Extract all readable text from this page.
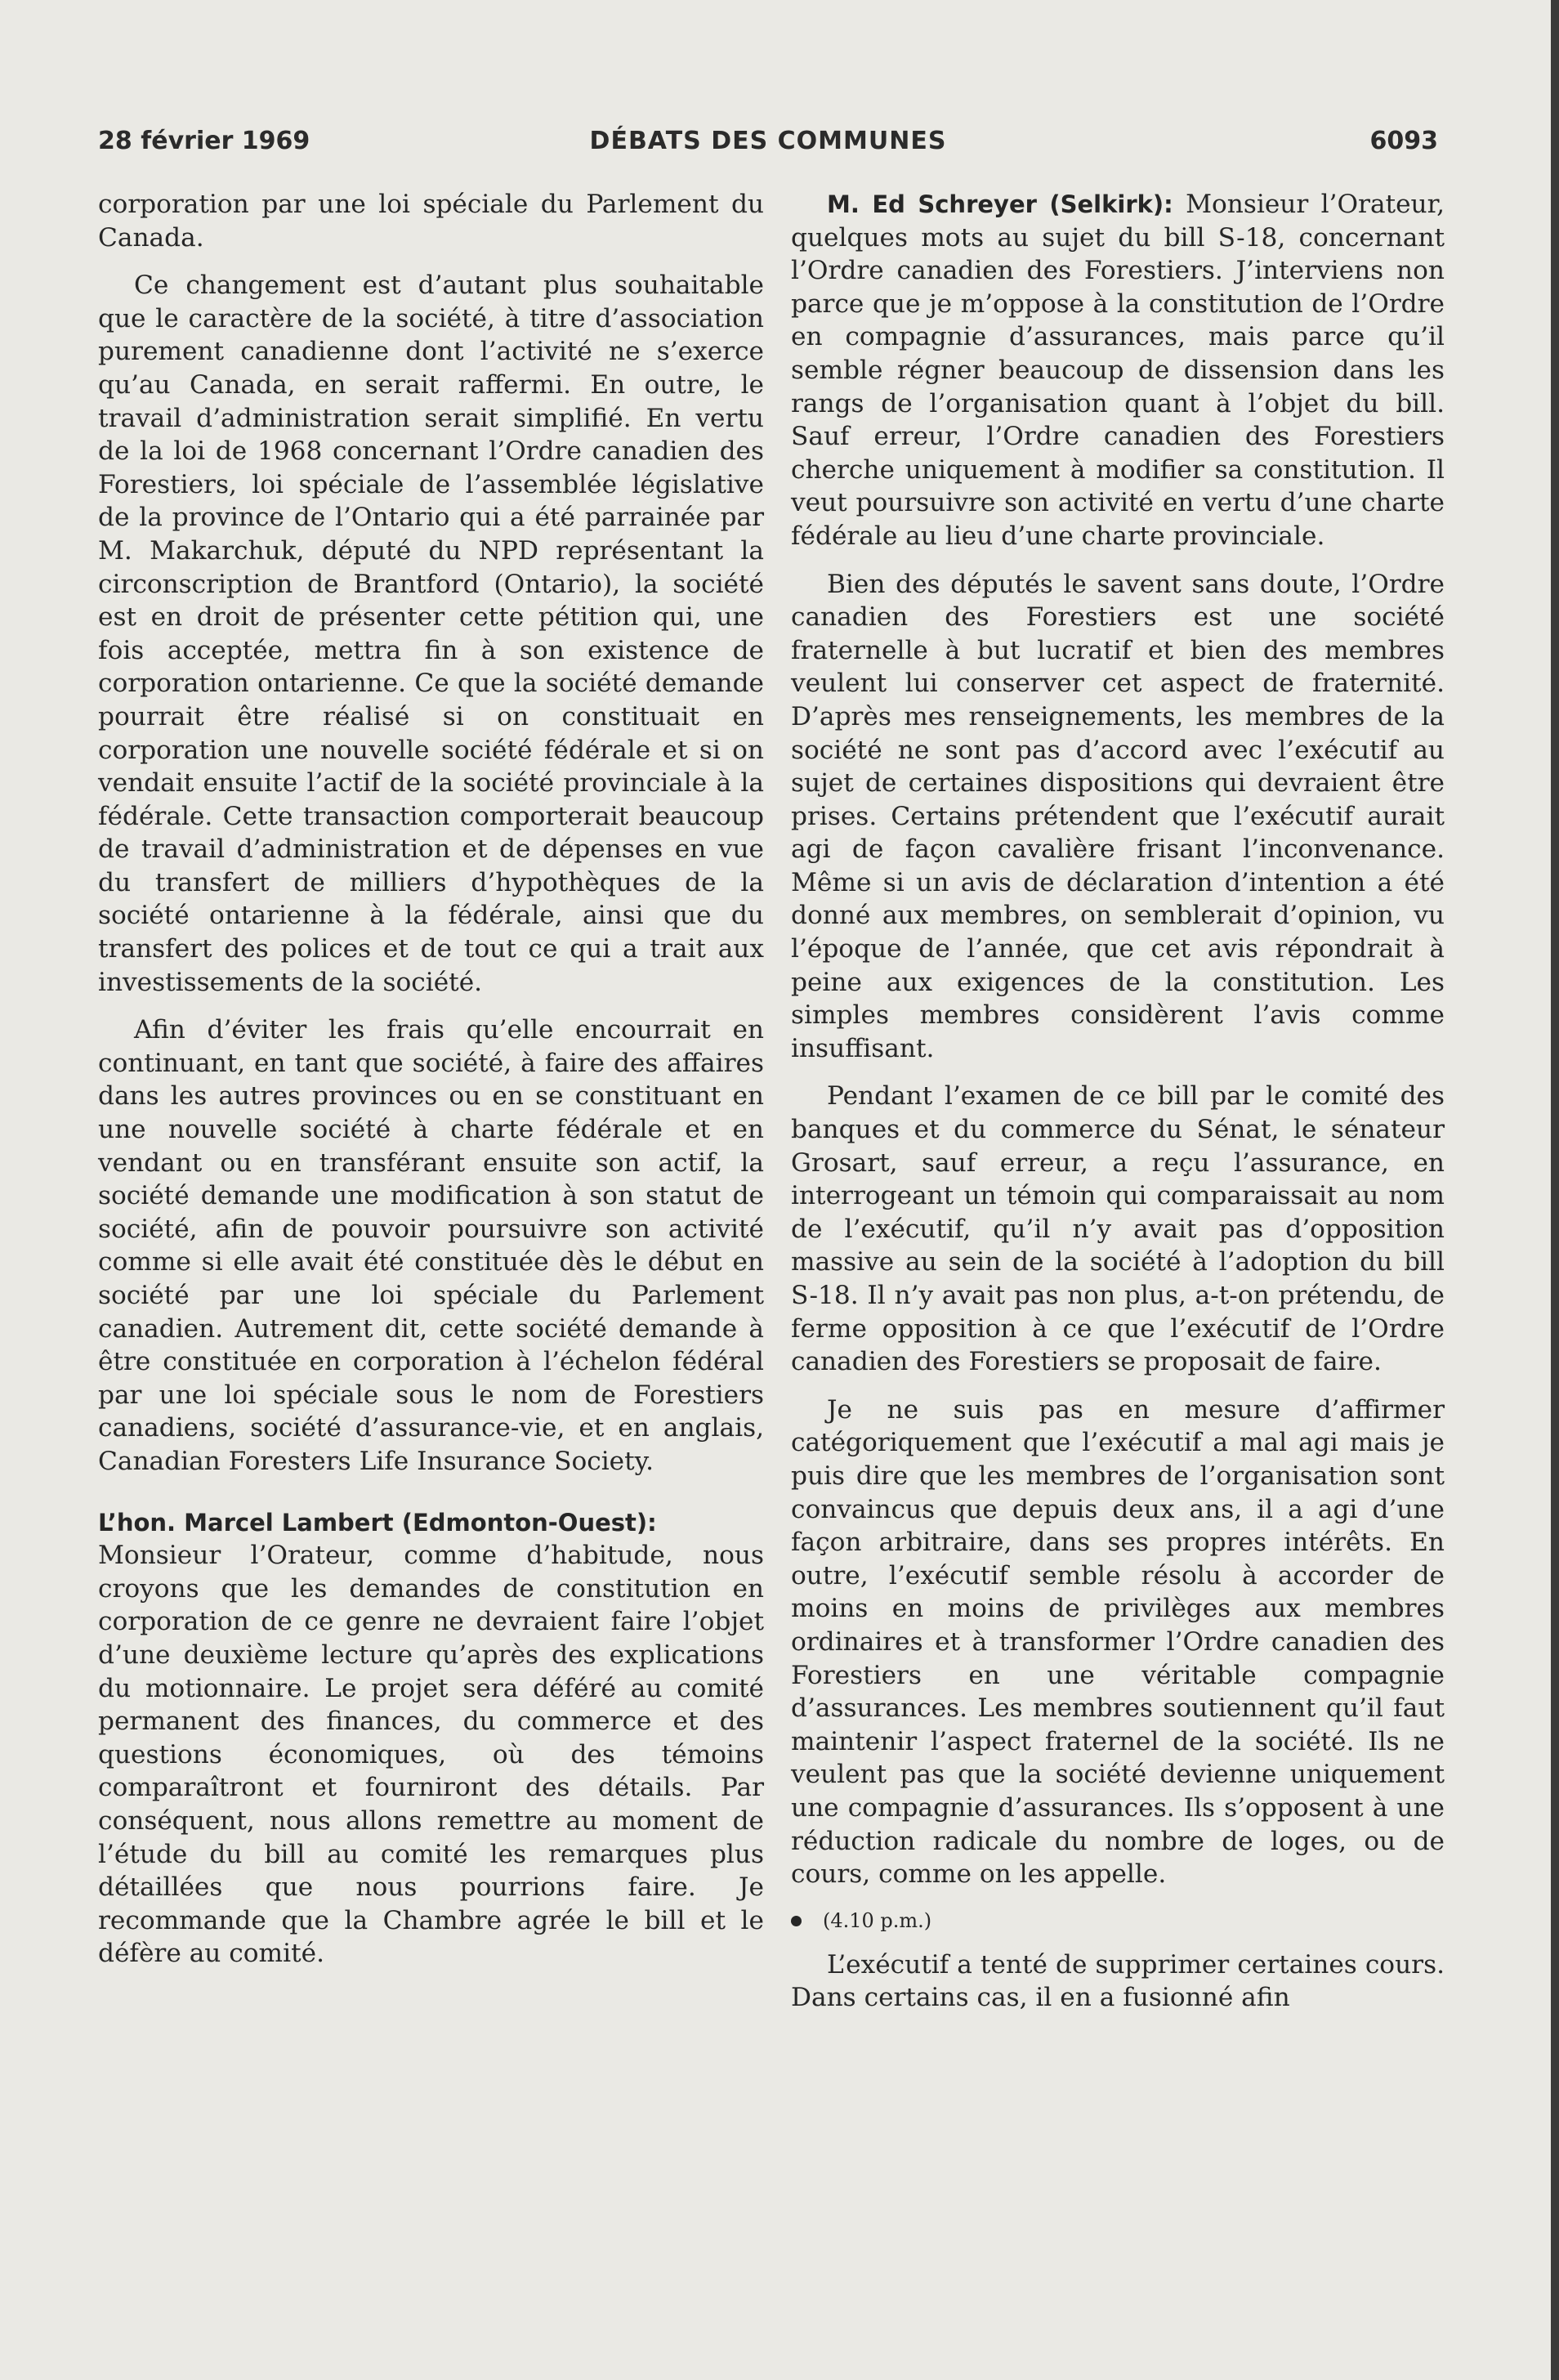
28 février 1969	DÉBATS DES COMMUNES	6093

corporation par une loi spéciale du Parlement du Canada.

Ce changement est d’autant plus souhaitable que le caractère de la société, à titre d’association purement canadienne dont l’activité ne s’exerce qu’au Canada, en serait raffermi. En outre, le travail d’administration serait simplifié. En vertu de la loi de 1968 concernant l’Ordre canadien des Forestiers, loi spéciale de l’assemblée législative de la province de l’Ontario qui a été parrainée par M. Makarchuk, député du NPD représentant la circonscription de Brantford (Ontario), la société est en droit de présenter cette pétition qui, une fois acceptée, mettra fin à son existence de corporation ontarienne. Ce que la société demande pourrait être réalisé si on constituait en corporation une nouvelle société fédérale et si on vendait ensuite l’actif de la société provinciale à la fédérale. Cette transaction comporterait beaucoup de travail d’administration et de dépenses en vue du transfert de milliers d’hypothèques de la société ontarienne à la fédérale, ainsi que du transfert des polices et de tout ce qui a trait aux investissements de la société.

Afin d’éviter les frais qu’elle encourrait en continuant, en tant que société, à faire des affaires dans les autres provinces ou en se constituant en une nouvelle société à charte fédérale et en vendant ou en transférant ensuite son actif, la société demande une modification à son statut de société, afin de pouvoir poursuivre son activité comme si elle avait été constituée dès le début en société par une loi spéciale du Parlement canadien. Autrement dit, cette société demande à être constituée en corporation à l’échelon fédéral par une loi spéciale sous le nom de Forestiers canadiens, société d’assurance-vie, et en anglais, Canadian Foresters Life Insurance Society.

L’hon. Marcel Lambert (Edmonton-Ouest):
Monsieur l’Orateur, comme d’habitude, nous croyons que les demandes de constitution en corporation de ce genre ne devraient faire l’objet d’une deuxième lecture qu’après des explications du motionnaire. Le projet sera déféré au comité permanent des finances, du commerce et des questions économiques, où des témoins comparaîtront et fourniront des détails. Par conséquent, nous allons remettre au moment de l’étude du bill au comité les remarques plus détaillées que nous pourrions faire. Je recommande que la Chambre agrée le bill et le défère au comité.

M. Ed Schreyer (Selkirk): Monsieur l’Orateur, quelques mots au sujet du bill S-18, concernant l’Ordre canadien des Forestiers. J’interviens non parce que je m’oppose à la constitution de l’Ordre en compagnie d’assurances, mais parce qu’il semble régner beaucoup de dissension dans les rangs de l’organisation quant à l’objet du bill. Sauf erreur, l’Ordre canadien des Forestiers cherche uniquement à modifier sa constitution. Il veut poursuivre son activité en vertu d’une charte fédérale au lieu d’une charte provinciale.

Bien des députés le savent sans doute, l’Ordre canadien des Forestiers est une société fraternelle à but lucratif et bien des membres veulent lui conserver cet aspect de fraternité. D’après mes renseignements, les membres de la société ne sont pas d’accord avec l’exécutif au sujet de certaines dispositions qui devraient être prises. Certains prétendent que l’exécutif aurait agi de façon cavalière frisant l’inconvenance. Même si un avis de déclaration d’intention a été donné aux membres, on semblerait d’opinion, vu l’époque de l’année, que cet avis répondrait à peine aux exigences de la constitution. Les simples membres considèrent l’avis comme insuffisant.

Pendant l’examen de ce bill par le comité des banques et du commerce du Sénat, le sénateur Grosart, sauf erreur, a reçu l’assurance, en interrogeant un témoin qui comparaissait au nom de l’exécutif, qu’il n’y avait pas d’opposition massive au sein de la société à l’adoption du bill S-18. Il n’y avait pas non plus, a-t-on prétendu, de ferme opposition à ce que l’exécutif de l’Ordre canadien des Forestiers se proposait de faire.

Je ne suis pas en mesure d’affirmer catégoriquement que l’exécutif a mal agi mais je puis dire que les membres de l’organisation sont convaincus que depuis deux ans, il a agi d’une façon arbitraire, dans ses propres intérêts. En outre, l’exécutif semble résolu à accorder de moins en moins de privilèges aux membres ordinaires et à transformer l’Ordre canadien des Forestiers en une véritable compagnie d’assurances. Les membres soutiennent qu’il faut maintenir l’aspect fraternel de la société. Ils ne veulent pas que la société devienne uniquement une compagnie d’assurances. Ils s’opposent à une réduction radicale du nombre de loges, ou de cours, comme on les appelle.

(4.10 p.m.)

L’exécutif a tenté de supprimer certaines cours. Dans certains cas, il en a fusionné afin
